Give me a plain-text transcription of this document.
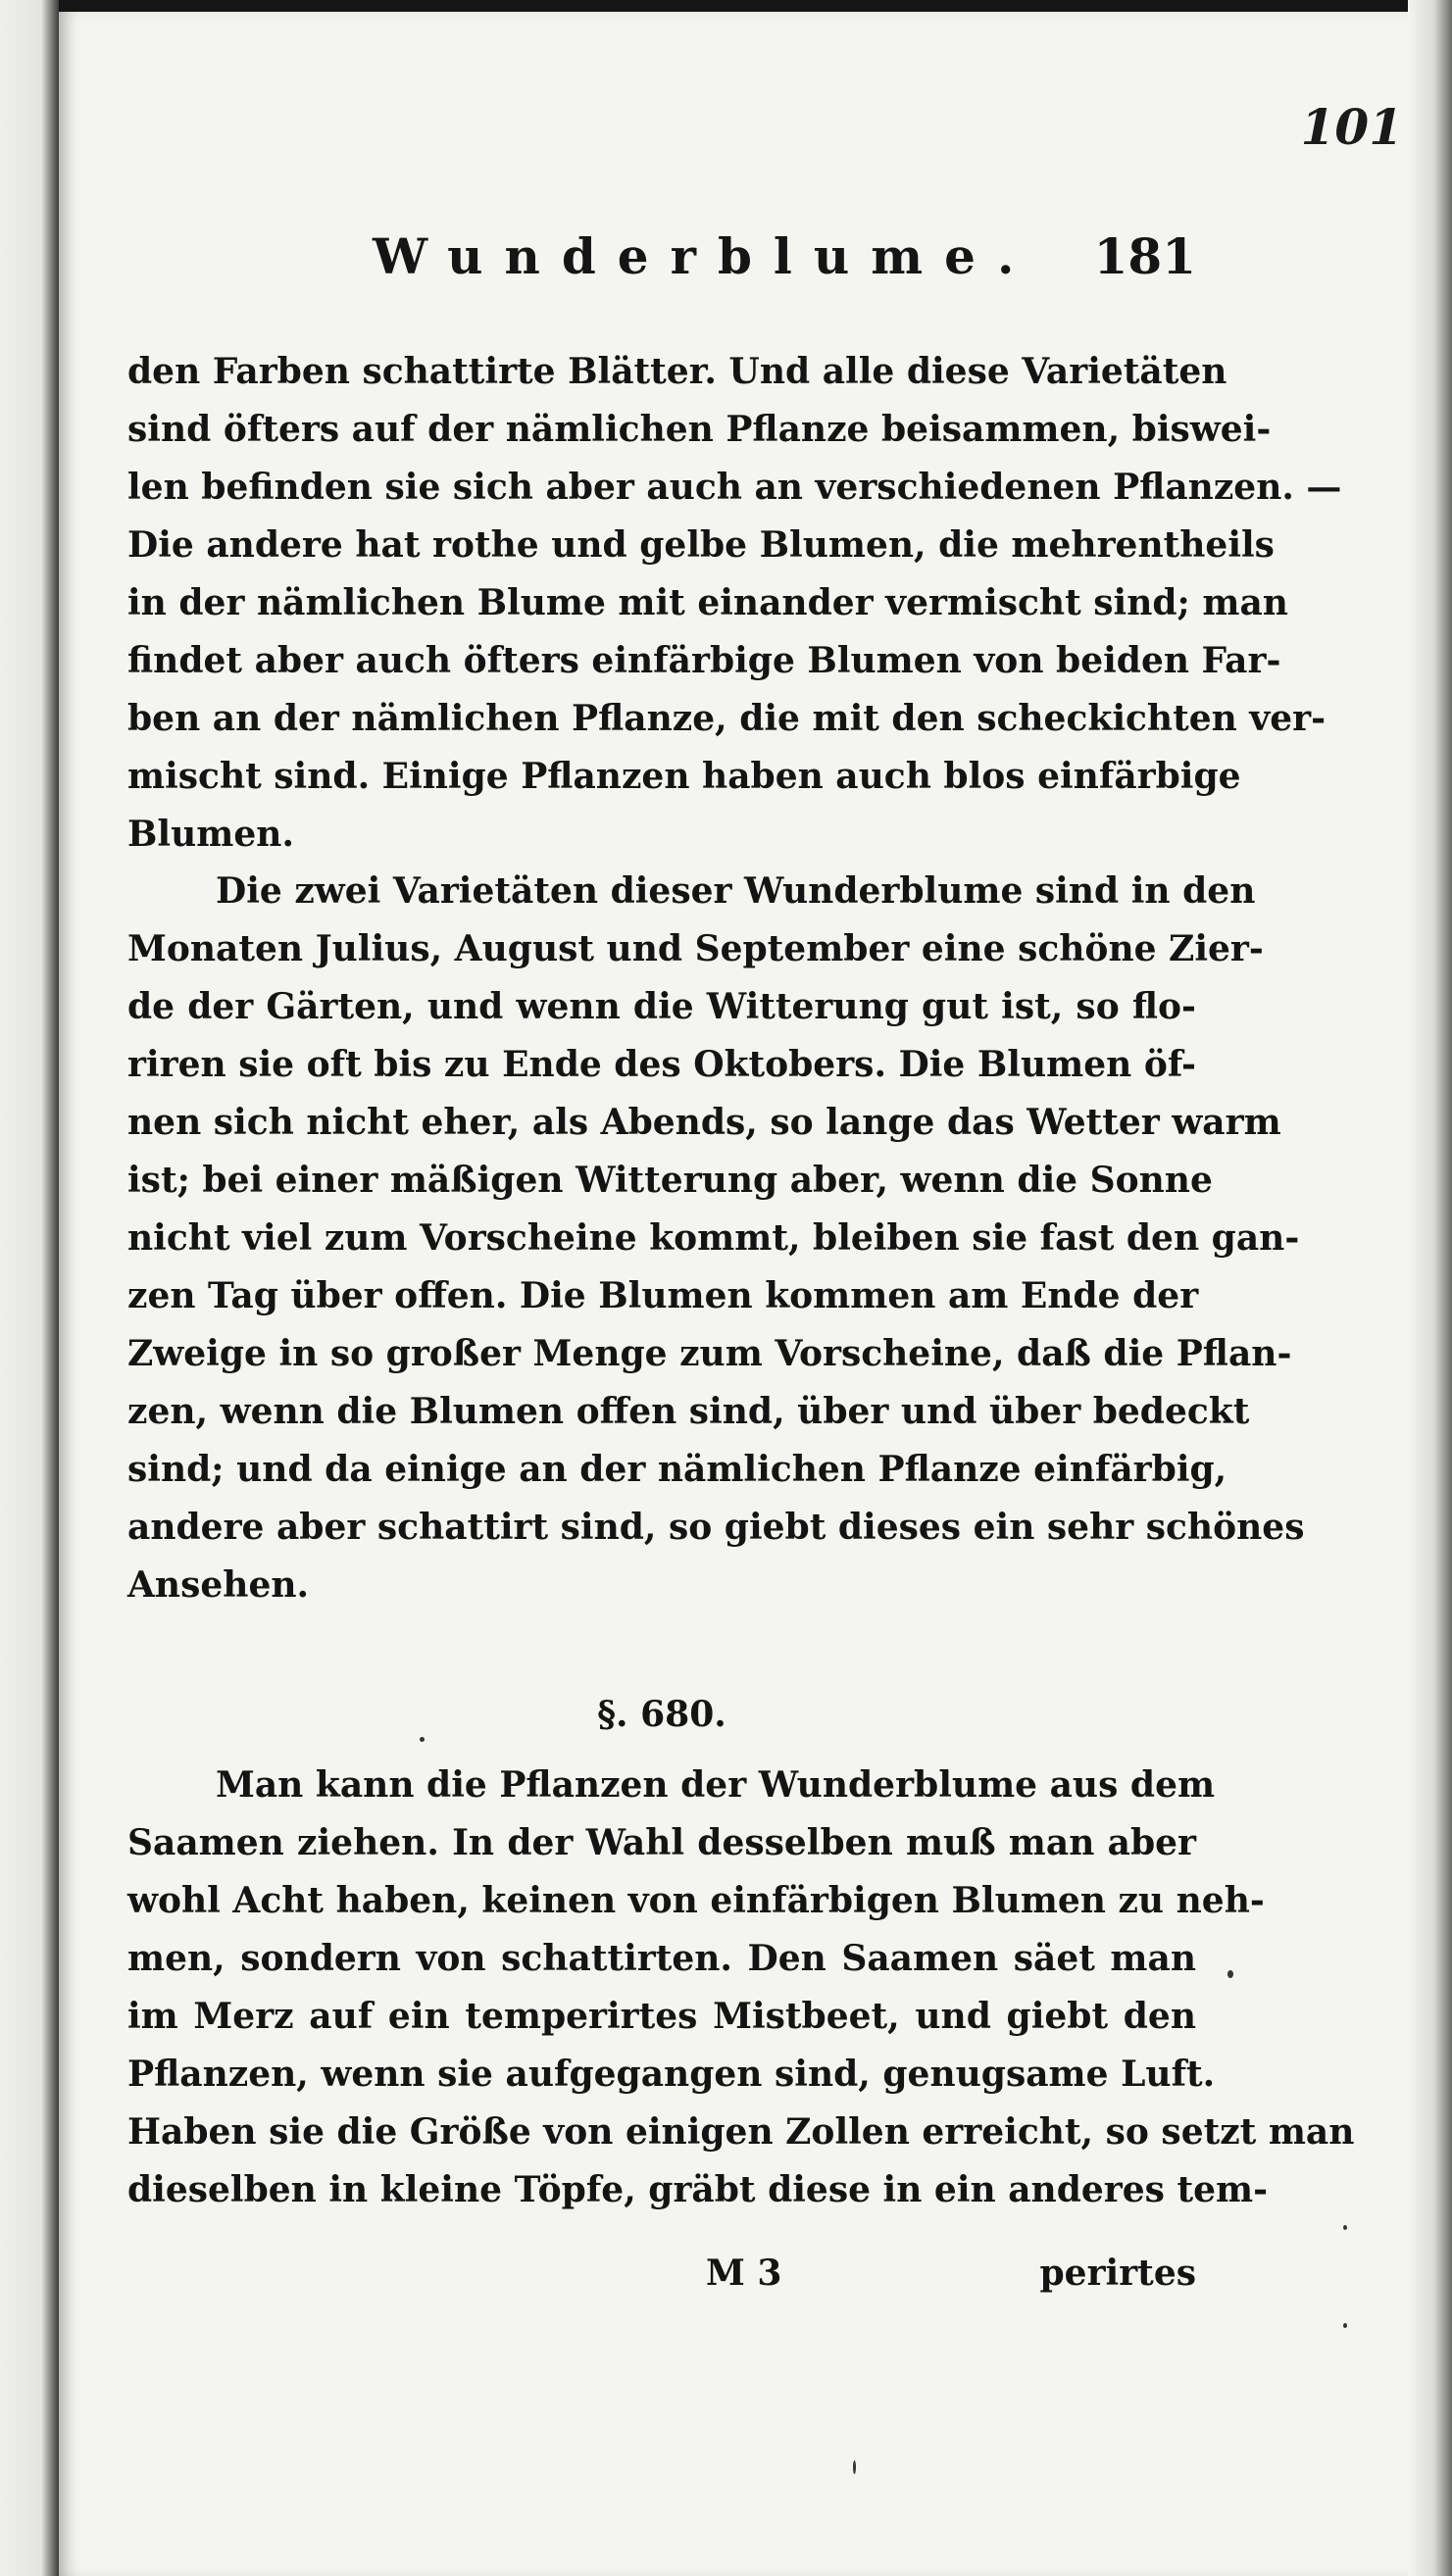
101
Wunderblume. 181
den Farben schattirte Blätter. Und alle diese Varietäten
sind öfters auf der nämlichen Pflanze beisammen, biswei-
len befinden sie sich aber auch an verschiedenen Pflanzen. —
Die andere hat rothe und gelbe Blumen, die mehrentheils
in der nämlichen Blume mit einander vermischt sind; man
findet aber auch öfters einfärbige Blumen von beiden Far-
ben an der nämlichen Pflanze, die mit den scheckichten ver-
mischt sind. Einige Pflanzen haben auch blos einfärbige
Blumen.
Die zwei Varietäten dieser Wunderblume sind in den
Monaten Julius, August und September eine schöne Zier-
de der Gärten, und wenn die Witterung gut ist, so flo-
riren sie oft bis zu Ende des Oktobers. Die Blumen öf-
nen sich nicht eher, als Abends, so lange das Wetter warm
ist; bei einer mäßigen Witterung aber, wenn die Sonne
nicht viel zum Vorscheine kommt, bleiben sie fast den gan-
zen Tag über offen. Die Blumen kommen am Ende der
Zweige in so großer Menge zum Vorscheine, daß die Pflan-
zen, wenn die Blumen offen sind, über und über bedeckt
sind; und da einige an der nämlichen Pflanze einfärbig,
andere aber schattirt sind, so giebt dieses ein sehr schönes
Ansehen.
§. 680.
Man kann die Pflanzen der Wunderblume aus dem
Saamen ziehen. In der Wahl desselben muß man aber
wohl Acht haben, keinen von einfärbigen Blumen zu neh-
men, sondern von schattirten. Den Saamen säet man
im Merz auf ein temperirtes Mistbeet, und giebt den
Pflanzen, wenn sie aufgegangen sind, genugsame Luft.
Haben sie die Größe von einigen Zollen erreicht, so setzt man
dieselben in kleine Töpfe, gräbt diese in ein anderes tem-
M 3	perirtes
